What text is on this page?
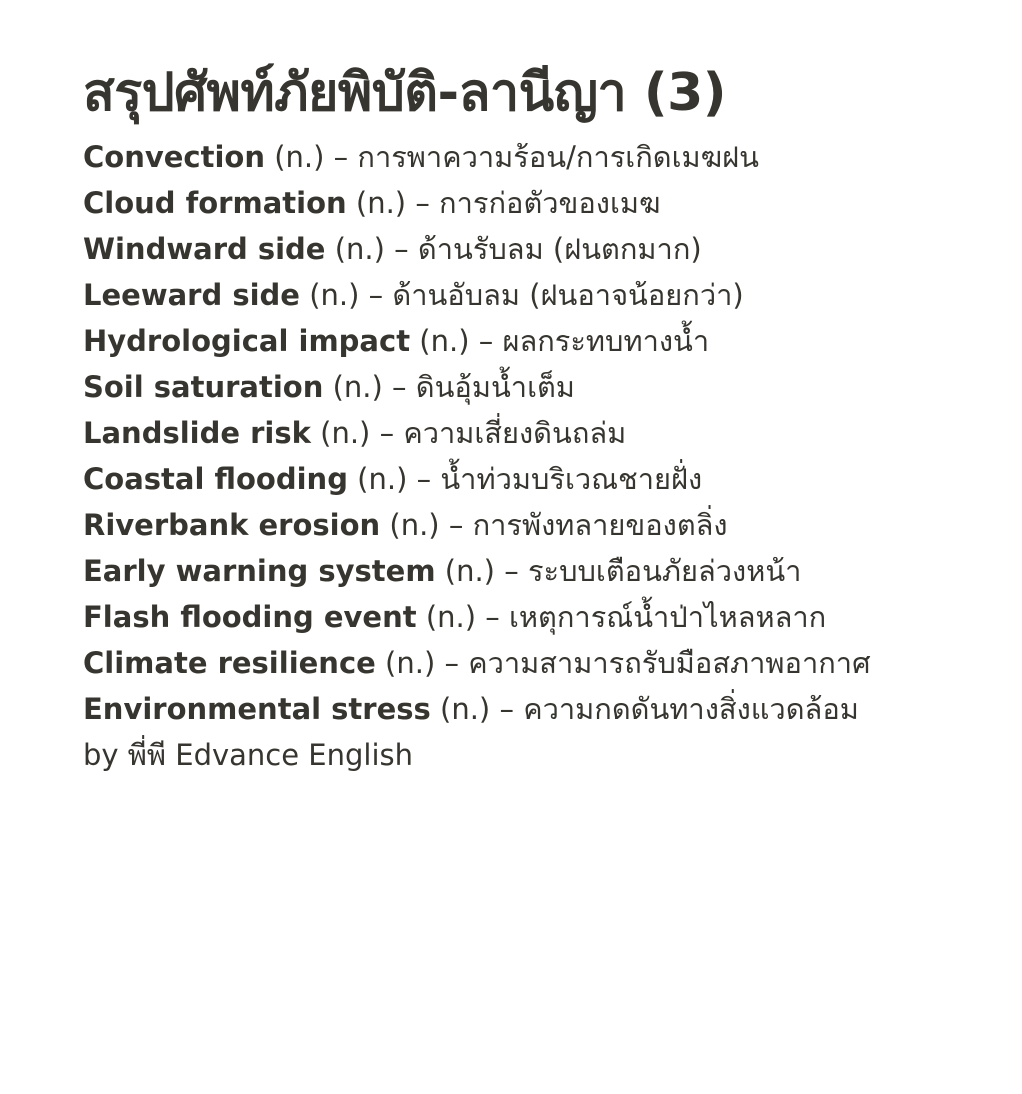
สรุปศัพท์ภัยพิบัติ-ลานีญา (3)
Convection (n.) – การพาความร้อน/การเกิดเมฆฝน
Cloud formation (n.) – การก่อตัวของเมฆ
Windward side (n.) – ด้านรับลม (ฝนตกมาก)
Leeward side (n.) – ด้านอับลม (ฝนอาจน้อยกว่า)
Hydrological impact (n.) – ผลกระทบทางน้ำ
Soil saturation (n.) – ดินอุ้มน้ำเต็ม
Landslide risk (n.) – ความเสี่ยงดินถล่ม
Coastal flooding (n.) – น้ำท่วมบริเวณชายฝั่ง
Riverbank erosion (n.) – การพังทลายของตลิ่ง
Early warning system (n.) – ระบบเตือนภัยล่วงหน้า
Flash flooding event (n.) – เหตุการณ์น้ำป่าไหลหลาก
Climate resilience (n.) – ความสามารถรับมือสภาพอากาศ
Environmental stress (n.) – ความกดดันทางสิ่งแวดล้อม
by พี่พี Edvance English
